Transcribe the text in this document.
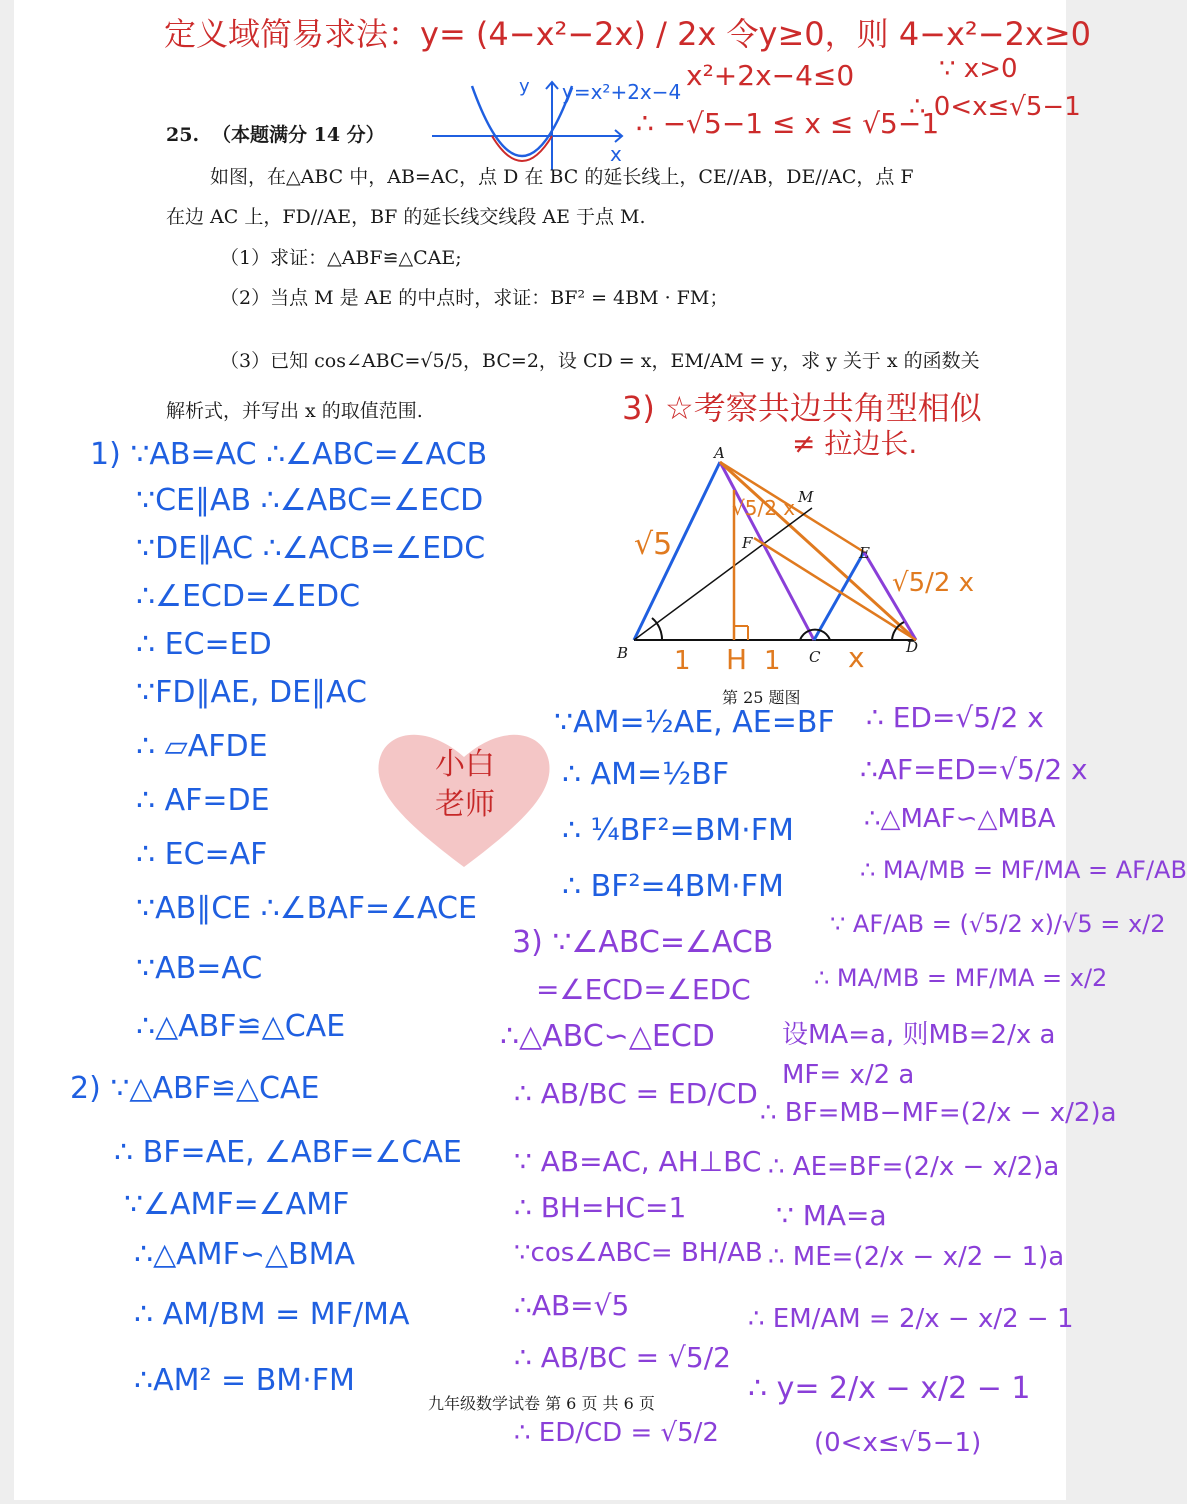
定义域简易求法：y= (4−x²−2x) / 2x 令y≥0，则 4−x²−2x≥0
x²+2x−4≤0
∴ −√5−1 ≤ x ≤ √5−1
∵ x>0
∴ 0<x≤√5−1
y=x²+2x−4
y
x
25. （本题满分 14 分）
如图，在△ABC 中，AB=AC，点 D 在 BC 的延长线上，CE//AB，DE//AC，点 F
在边 AC 上，FD//AE，BF 的延长线交线段 AE 于点 M.
（1）求证：△ABF≌△CAE;
（2）当点 M 是 AE 的中点时，求证：BF² = 4BM · FM；
（3）已知 cos∠ABC=√5/5，BC=2，设 CD = x，EM/AM = y，求 y 关于 x 的函数关
解析式，并写出 x 的取值范围.	3) ☆考察共边共角型相似
≠ 拉边长.
A
B	C
D
E
F
M
√5
√5/2 x
√5/2 x
1 H 1 x
第 25 题图
小白
老师
1) ∵AB=AC ∴∠ABC=∠ACB
∵CE∥AB ∴∠ABC=∠ECD
∵DE∥AC ∴∠ACB=∠EDC
∴∠ECD=∠EDC
∴ EC=ED
∵FD∥AE, DE∥AC
∴ ▱AFDE
∴ AF=DE
∴ EC=AF
∵AB∥CE ∴∠BAF=∠ACE
∵AB=AC
∴△ABF≌△CAE
2) ∵△ABF≌△CAE
∴ BF=AE, ∠ABF=∠CAE
∵∠AMF=∠AMF
∴△AMF∽△BMA
∴ AM/BM = MF/MA
∴AM² = BM·FM
∵AM=½AE, AE=BF
∴ AM=½BF
∴ ¼BF²=BM·FM
∴ BF²=4BM·FM
3) ∵∠ABC=∠ACB
=∠ECD=∠EDC
∴△ABC∽△ECD
∴ AB/BC = ED/CD
∵ AB=AC, AH⊥BC
∴ BH=HC=1
∵cos∠ABC= BH/AB
∴AB=√5
∴ AB/BC = √5/2
∴ ED/CD = √5/2
∴ ED=√5/2 x
∴AF=ED=√5/2 x
∴△MAF∽△MBA
∴ MA/MB = MF/MA = AF/AB
∵ AF/AB = (√5/2 x)/√5 = x/2
∴ MA/MB = MF/MA = x/2
设MA=a, 则MB=2/x a
MF= x/2 a
∴ BF=MB−MF=(2/x − x/2)a
∴ AE=BF=(2/x − x/2)a
∵ MA=a
∴ ME=(2/x − x/2 − 1)a
∴ EM/AM = 2/x − x/2 − 1
∴ y= 2/x − x/2 − 1
(0<x≤√5−1)
九年级数学试卷 第 6 页 共 6 页
